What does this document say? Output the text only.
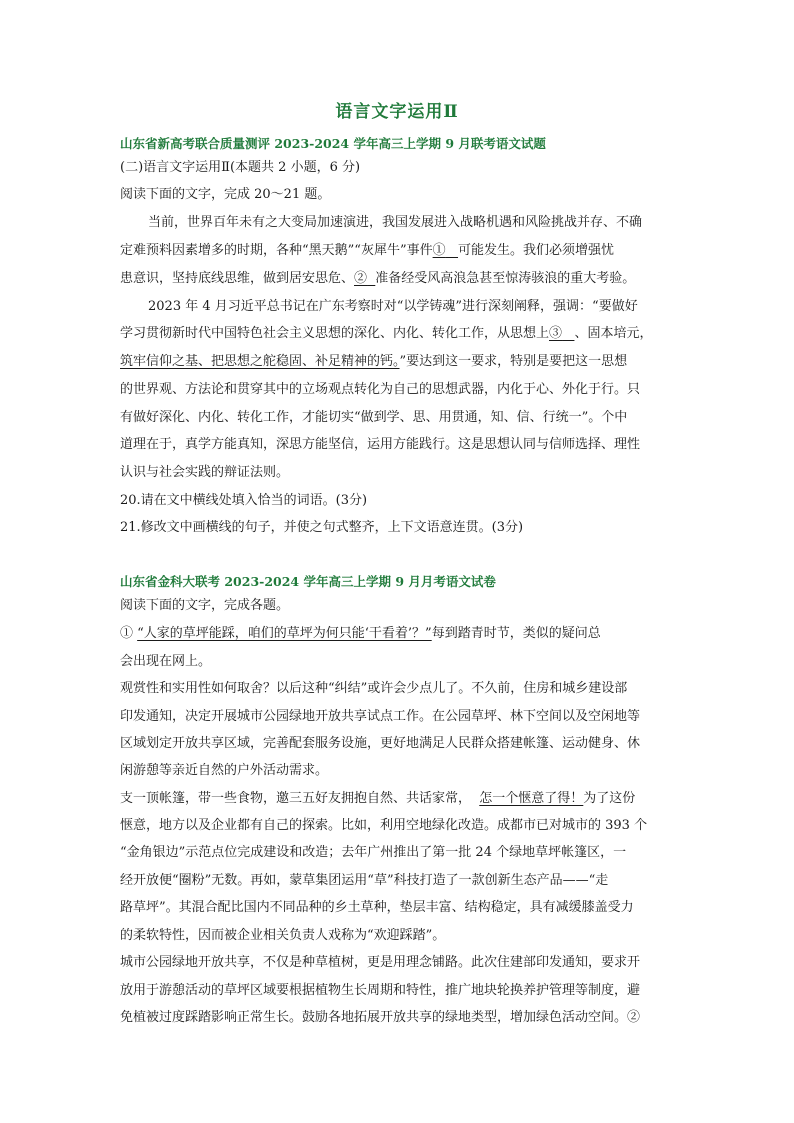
语言文字运用Ⅱ
山东省新高考联合质量测评 2023-2024 学年高三上学期 9 月联考语文试题
(二)语言文字运用Ⅱ(本题共 2 小题，6 分)
阅读下面的文字，完成 20～21 题。
当前，世界百年未有之大变局加速演进，我国发展进入战略机遇和风险挑战并存、不确
定难预料因素增多的时期，各种“黑天鹅”“灰犀牛”事件① 可能发生。我们必须增强忧
患意识，坚持底线思维，做到居安思危、② 准备经受风高浪急甚至惊涛骇浪的重大考验。
2023 年 4 月习近平总书记在广东考察时对“以学铸魂”进行深刻阐释，强调：“要做好
学习贯彻新时代中国特色社会主义思想的深化、内化、转化工作，从思想上③ 、固本培元，
筑牢信仰之基、把思想之舵稳固、补足精神的钙。”要达到这一要求，特别是要把这一思想
的世界观、方法论和贯穿其中的立场观点转化为自己的思想武器，内化于心、外化于行。只
有做好深化、内化、转化工作，才能切实“做到学、思、用贯通，知、信、行统一”。个中
道理在于，真学方能真知，深思方能坚信，运用方能践行。这是思想认同与信师选择、理性
认识与社会实践的辩证法则。
20.请在文中横线处填入恰当的词语。(3分)
21.修改文中画横线的句子，并使之句式整齐，上下文语意连贯。(3分)
山东省金科大联考 2023-2024 学年高三上学期 9 月月考语文试卷
阅读下面的文字，完成各题。
① “人家的草坪能踩，咱们的草坪为何只能‘干看着’？”每到踏青时节，类似的疑问总
会出现在网上。
观赏性和实用性如何取舍？以后这种“纠结”或许会少点儿了。不久前，住房和城乡建设部
印发通知，决定开展城市公园绿地开放共享试点工作。在公园草坪、林下空间以及空闲地等
区域划定开放共享区域，完善配套服务设施，更好地满足人民群众搭建帐篷、运动健身、休
闲游憩等亲近自然的户外活动需求。
支一顶帐篷，带一些食物，邀三五好友拥抱自然、共话家常， 怎一个惬意了得！为了这份
惬意，地方以及企业都有自己的探索。比如，利用空地绿化改造。成都市已对城市的 393 个
“金角银边”示范点位完成建设和改造；去年广州推出了第一批 24 个绿地草坪帐篷区，一
经开放便“圈粉”无数。再如，蒙草集团运用“草”科技打造了一款创新生态产品——“走
路草坪”。其混合配比国内不同品种的乡土草种，垫层丰富、结构稳定，具有减缓膝盖受力
的柔软特性，因而被企业相关负责人戏称为“欢迎踩踏”。
城市公园绿地开放共享，不仅是种草植树，更是用理念铺路。此次住建部印发通知，要求开
放用于游憩活动的草坪区域要根据植物生长周期和特性，推广地块轮换养护管理等制度，避
免植被过度踩踏影响正常生长。鼓励各地拓展开放共享的绿地类型，增加绿色活动空间。②
